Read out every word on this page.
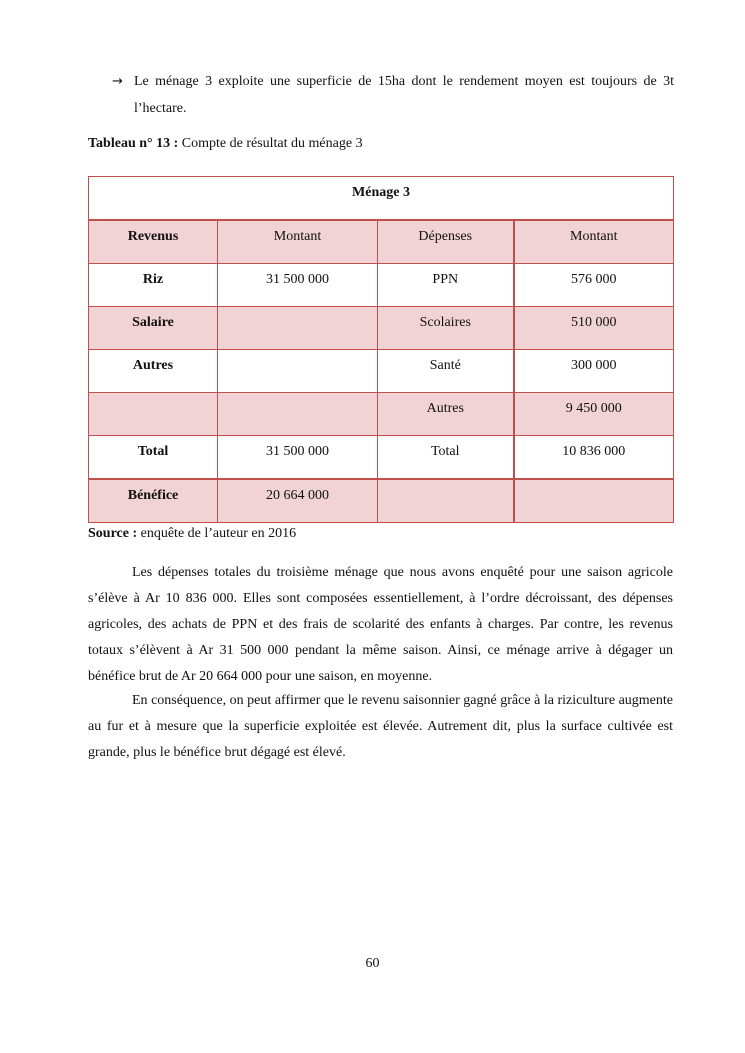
→ Le ménage 3 exploite une superficie de 15ha dont le rendement moyen est toujours de 3t l’hectare.
Tableau n° 13 : Compte de résultat du ménage 3
Ménage 3			
Revenus	Montant	Dépenses	Montant
Riz	31 500 000	PPN	576 000
Salaire		Scolaires	510 000
Autres		Santé	300 000
		Autres	9 450 000
Total	31 500 000	Total	10 836 000
Bénéfice	20 664 000		
Source : enquête de l’auteur en 2016
Les dépenses totales du troisième ménage que nous avons enquêté pour une saison agricole s’élève à Ar 10 836 000. Elles sont composées essentiellement, à l’ordre décroissant, des dépenses agricoles, des achats de PPN et des frais de scolarité des enfants à charges. Par contre, les revenus totaux s’élèvent à Ar 31 500 000 pendant la même saison. Ainsi, ce ménage arrive à dégager un bénéfice brut de Ar 20 664 000 pour une saison, en moyenne.
En conséquence, on peut affirmer que le revenu saisonnier gagné grâce à la riziculture augmente au fur et à mesure que la superficie exploitée est élevée. Autrement dit, plus la surface cultivée est grande, plus le bénéfice brut dégagé est élevé.
60
